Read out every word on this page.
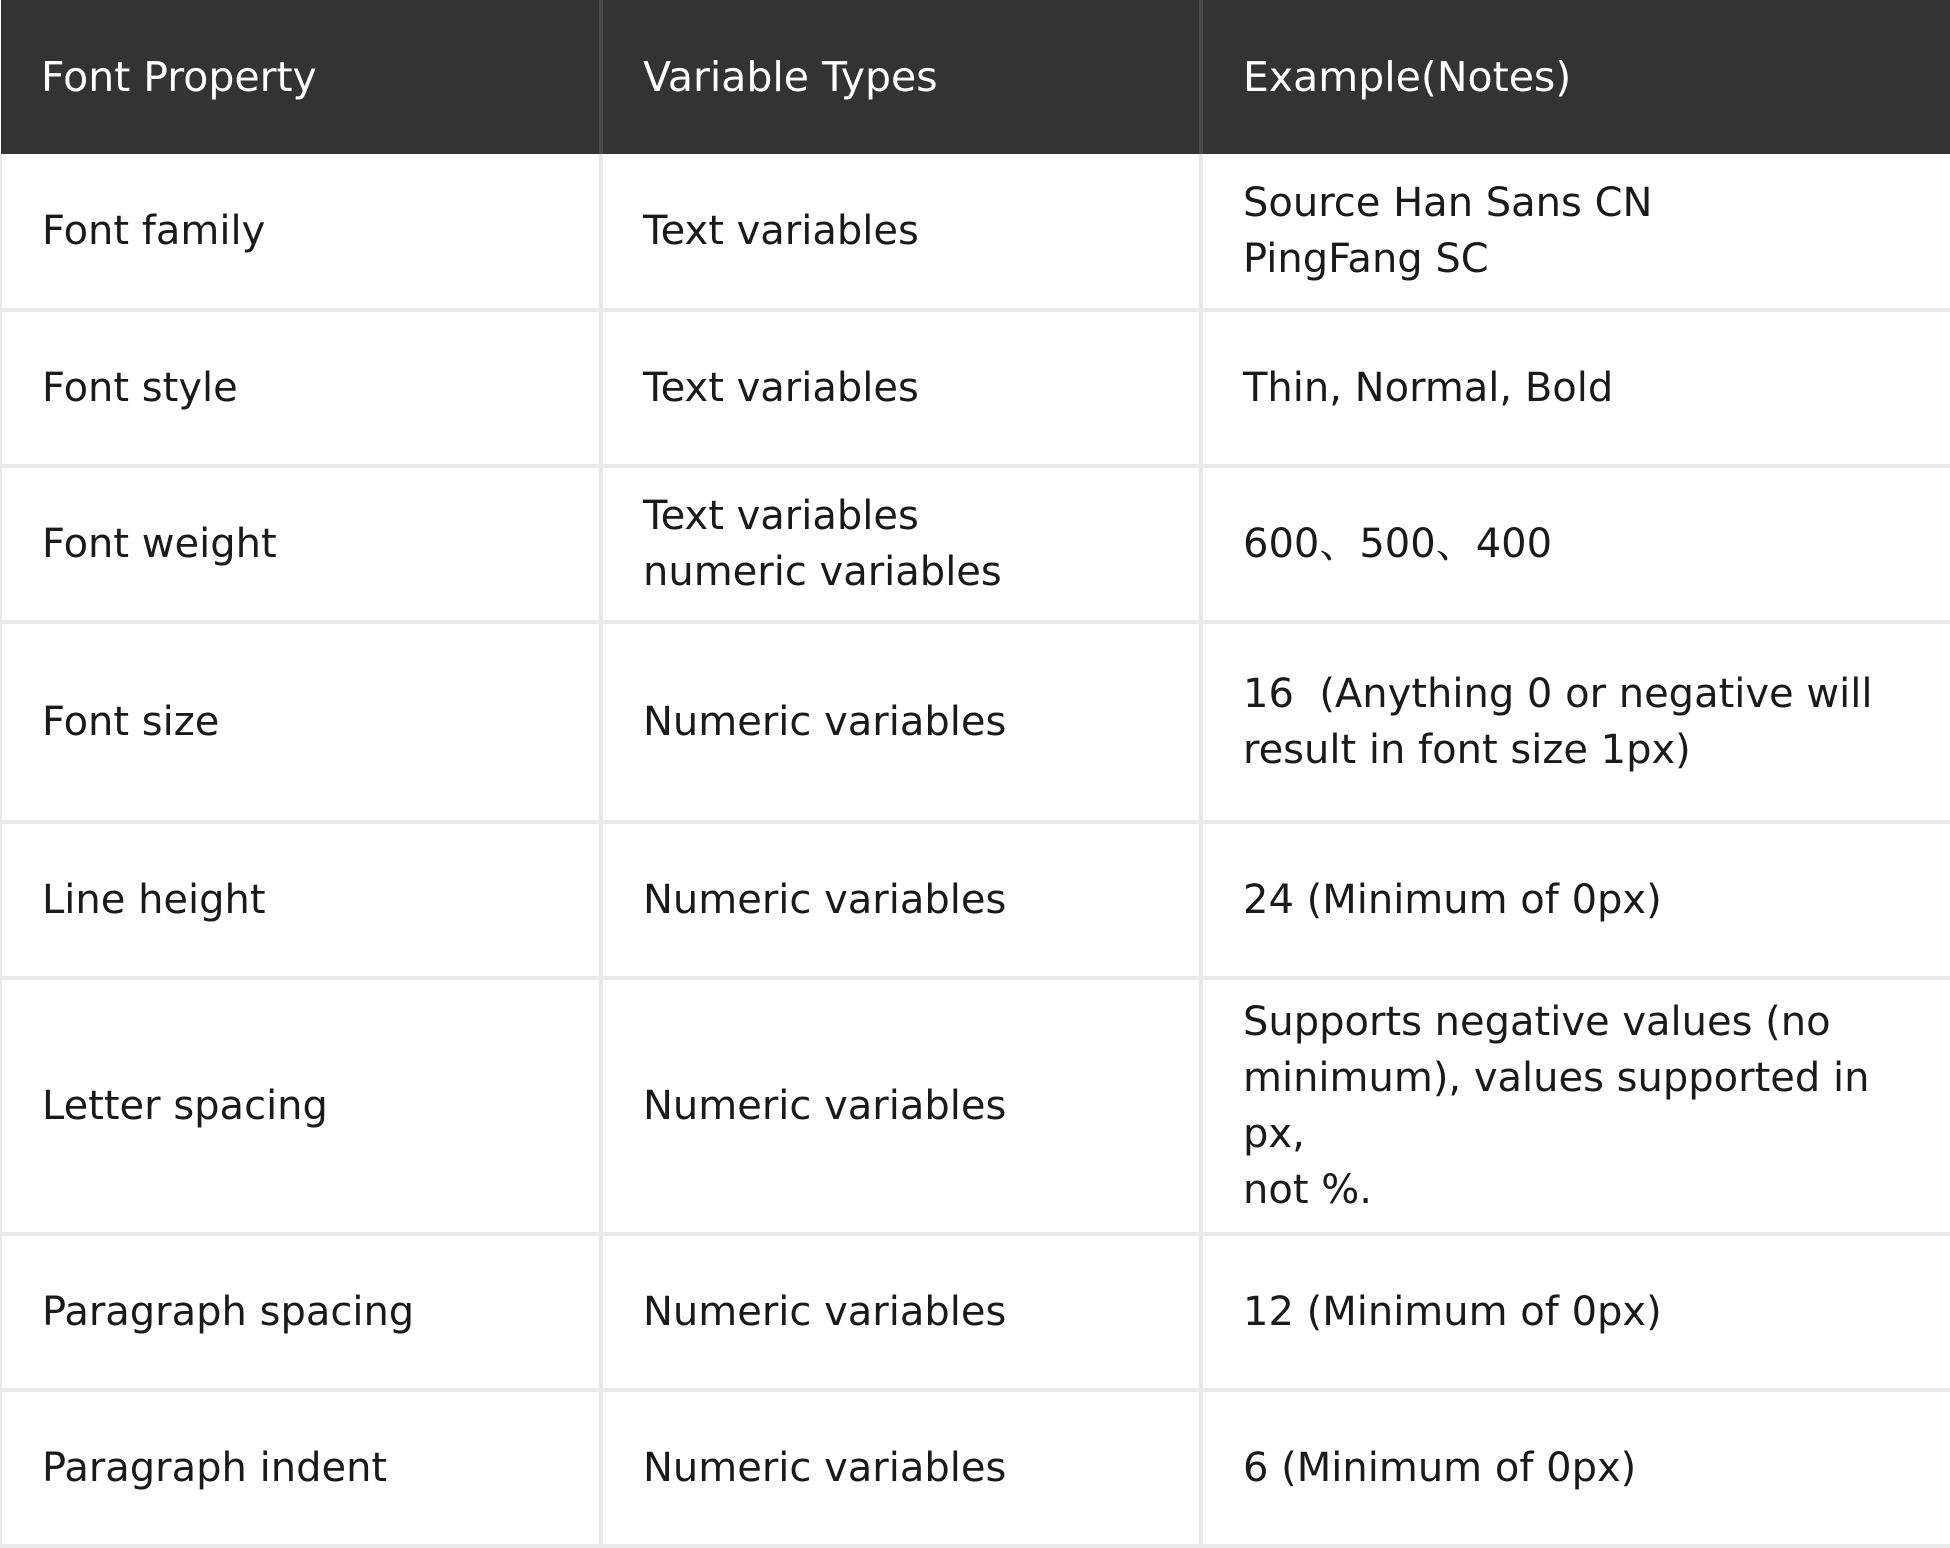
Font Property	Variable Types	Example(Notes)
Font family	Text variables	Source Han Sans CN
PingFang SC

Font style	Text variables	Thin, Normal, Bold

Font weight	Text variables
numeric variables	600、500、400

Font size	Numeric variables	16  (Anything 0 or negative will
result in font size 1px)

Line height	Numeric variables	24 (Minimum of 0px)

Letter spacing	Numeric variables	Supports negative values (no
minimum), values supported in px,
not %.

Paragraph spacing	Numeric variables	12 (Minimum of 0px)

Paragraph indent	Numeric variables	6 (Minimum of 0px)
